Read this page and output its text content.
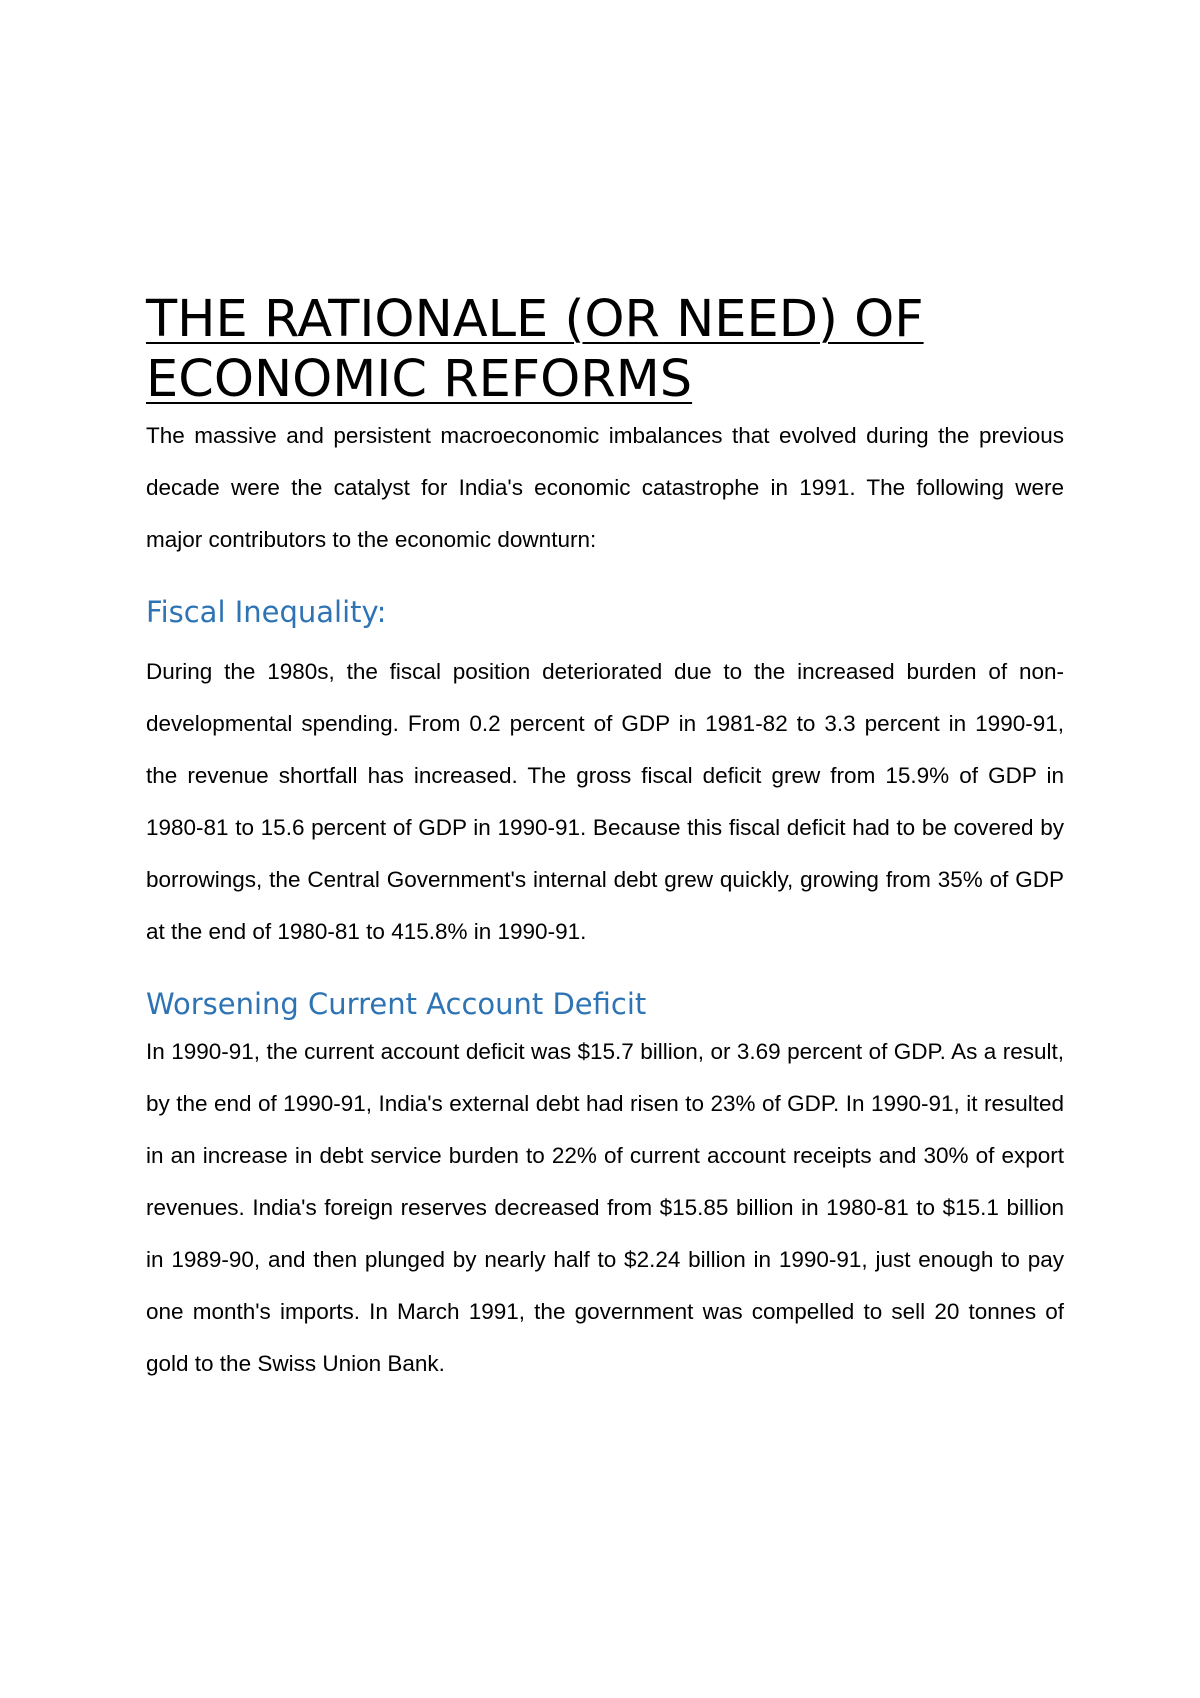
THE RATIONALE (OR NEED) OF
ECONOMIC REFORMS

The massive and persistent macroeconomic imbalances that evolved during the previous decade were the catalyst for India's economic catastrophe in 1991. The following were major contributors to the economic downturn:

Fiscal Inequality:

During the 1980s, the fiscal position deteriorated due to the increased burden of non-developmental spending. From 0.2 percent of GDP in 1981-82 to 3.3 percent in 1990-91, the revenue shortfall has increased. The gross fiscal deficit grew from 15.9% of GDP in 1980-81 to 15.6 percent of GDP in 1990-91. Because this fiscal deficit had to be covered by borrowings, the Central Government's internal debt grew quickly, growing from 35% of GDP at the end of 1980-81 to 415.8% in 1990-91.

Worsening Current Account Deficit

In 1990-91, the current account deficit was $15.7 billion, or 3.69 percent of GDP. As a result, by the end of 1990-91, India's external debt had risen to 23% of GDP. In 1990-91, it resulted in an increase in debt service burden to 22% of current account receipts and 30% of export revenues. India's foreign reserves decreased from $15.85 billion in 1980-81 to $15.1 billion in 1989-90, and then plunged by nearly half to $2.24 billion in 1990-91, just enough to pay one month's imports. In March 1991, the government was compelled to sell 20 tonnes of gold to the Swiss Union Bank.
